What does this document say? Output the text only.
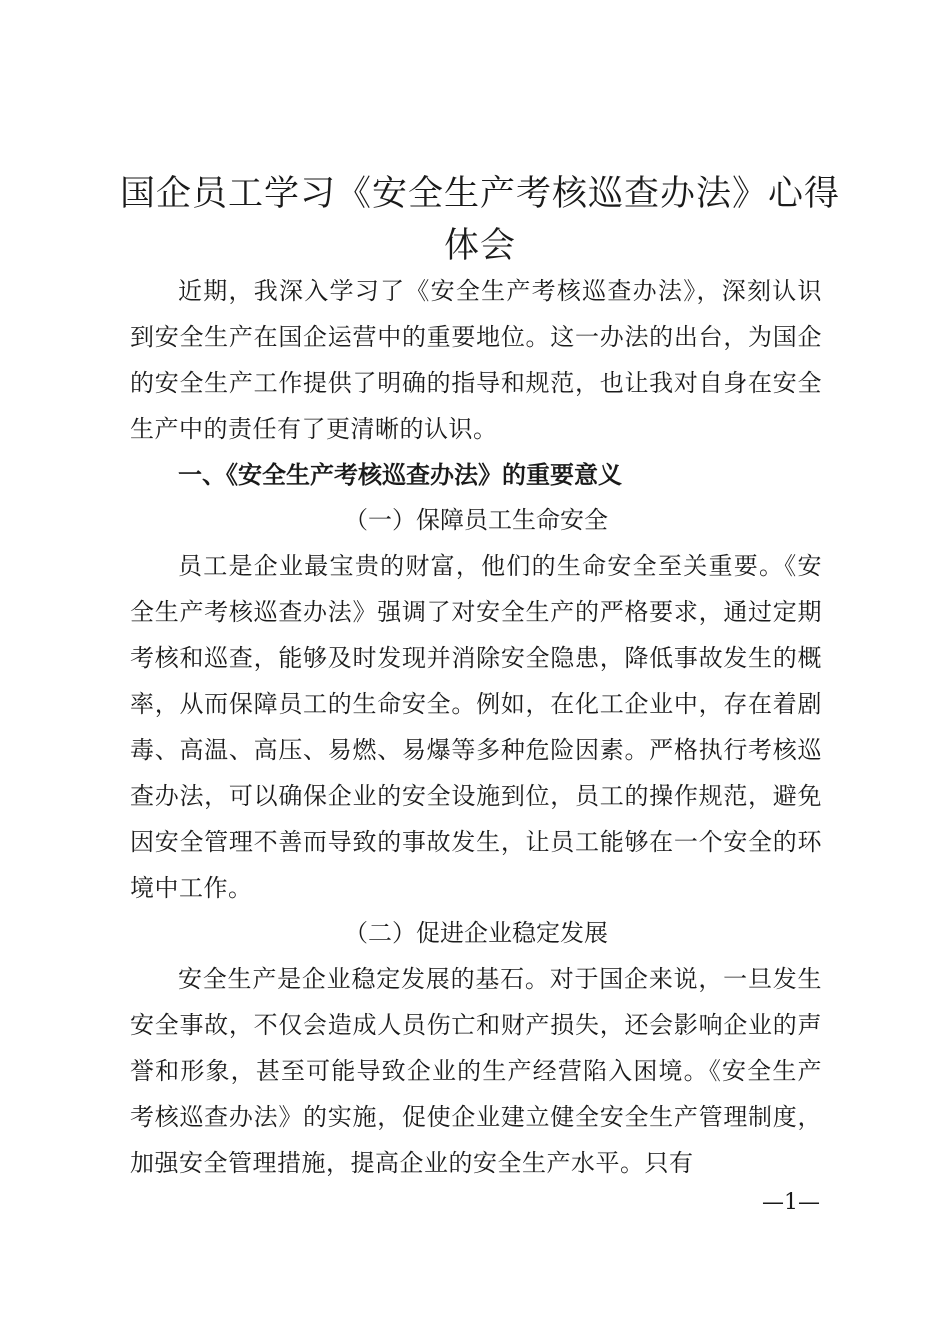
国企员工学习《安全生产考核巡查办法》心得体会

近期，我深入学习了《安全生产考核巡查办法》，深刻认识到安全生产在国企运营中的重要地位。这一办法的出台，为国企的安全生产工作提供了明确的指导和规范，也让我对自身在安全生产中的责任有了更清晰的认识。

一、《安全生产考核巡查办法》的重要意义

（一）保障员工生命安全

员工是企业最宝贵的财富，他们的生命安全至关重要。《安全生产考核巡查办法》强调了对安全生产的严格要求，通过定期考核和巡查，能够及时发现并消除安全隐患，降低事故发生的概率，从而保障员工的生命安全。例如，在化工企业中，存在着剧毒、高温、高压、易燃、易爆等多种危险因素。严格执行考核巡查办法，可以确保企业的安全设施到位，员工的操作规范，避免因安全管理不善而导致的事故发生，让员工能够在一个安全的环境中工作。

（二）促进企业稳定发展

安全生产是企业稳定发展的基石。对于国企来说，一旦发生安全事故，不仅会造成人员伤亡和财产损失，还会影响企业的声誉和形象，甚至可能导致企业的生产经营陷入困境。《安全生产考核巡查办法》的实施，促使企业建立健全安全生产管理制度，加强安全管理措施，提高企业的安全生产水平。只有

—1—
